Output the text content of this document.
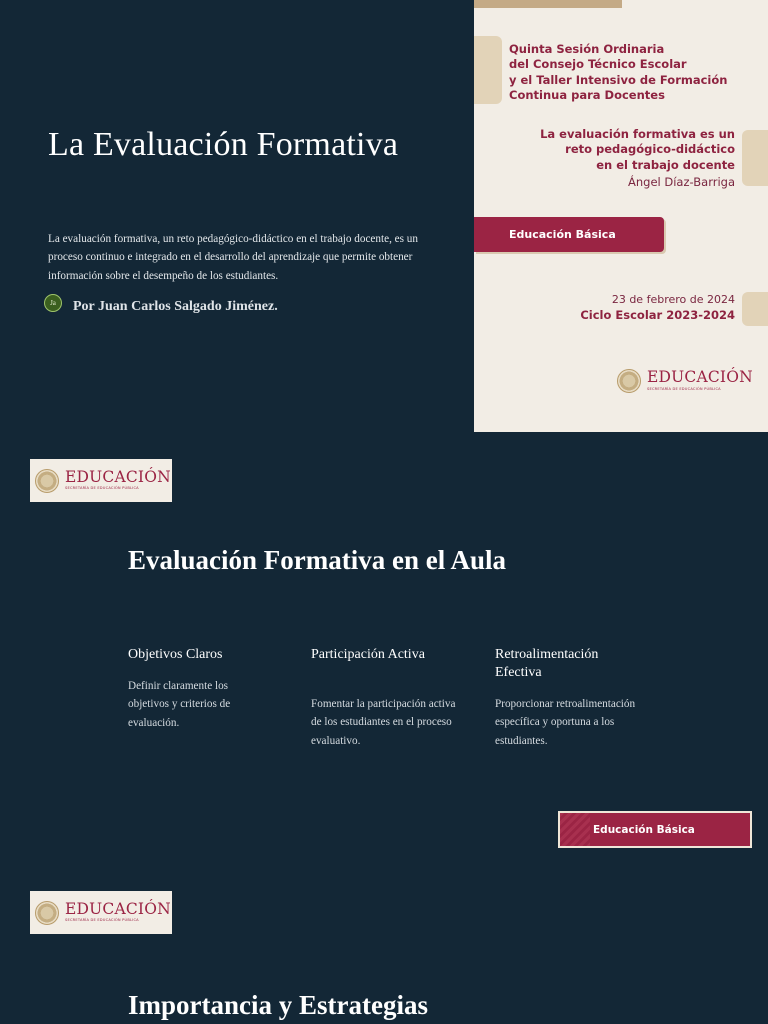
La Evaluación Formativa

La evaluación formativa, un reto pedagógico-didáctico en el trabajo docente, es un proceso continuo e integrado en el desarrollo del aprendizaje que permite obtener información sobre el desempeño de los estudiantes.

Ja	Por Juan Carlos Salgado Jiménez.
Quinta Sesión Ordinaria
del Consejo Técnico Escolar
y el Taller Intensivo de Formación
Continua para Docentes
La evaluación formativa es un
reto pedagógico-didáctico
en el trabajo docente
Ángel Díaz-Barriga
Educación Básica
23 de febrero de 2024
Ciclo Escolar 2023-2024
EDUCACIÓN
SECRETARÍA DE EDUCACIÓN PÚBLICA
EDUCACIÓN
SECRETARÍA DE EDUCACIÓN PÚBLICA
Evaluación Formativa en el Aula
Objetivos Claros
Definir claramente los objetivos y criterios de evaluación.
Participación Activa
Fomentar la participación activa de los estudiantes en el proceso evaluativo.
Retroalimentación Efectiva
Proporcionar retroalimentación específica y oportuna a los estudiantes.
Educación Básica
EDUCACIÓN
SECRETARÍA DE EDUCACIÓN PÚBLICA
Importancia y Estrategias
